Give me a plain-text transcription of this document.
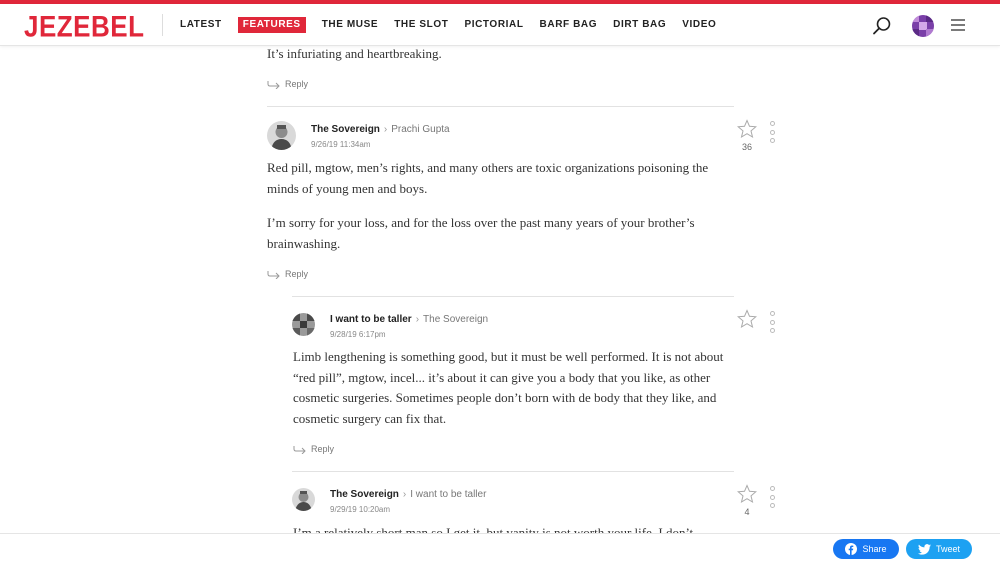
JEZEBEL	LATEST	FEATURES	THE MUSE THE SLOT PICTORIAL BARF BAG DIRT BAG VIDEO
It’s infuriating and heartbreaking.
Reply
The Sovereign › Prachi Gupta
9/26/19 11:34am	36
Red pill, mgtow, men’s rights, and many others are toxic organizations poisoning the minds of young men and boys.
I’m sorry for your loss, and for the loss over the past many years of your brother’s brainwashing.
Reply
I want to be taller › The Sovereign
9/28/19 6:17pm
Limb lengthening is something good, but it must be well performed. It is not about “red pill”, mgtow, incel... it’s about it can give you a body that you like, as other cosmetic surgeries. Sometimes people don’t born with de body that they like, and cosmetic surgery can fix that.
Reply
The Sovereign › I want to be taller
9/29/19 10:20am	4
Share	Tweet
